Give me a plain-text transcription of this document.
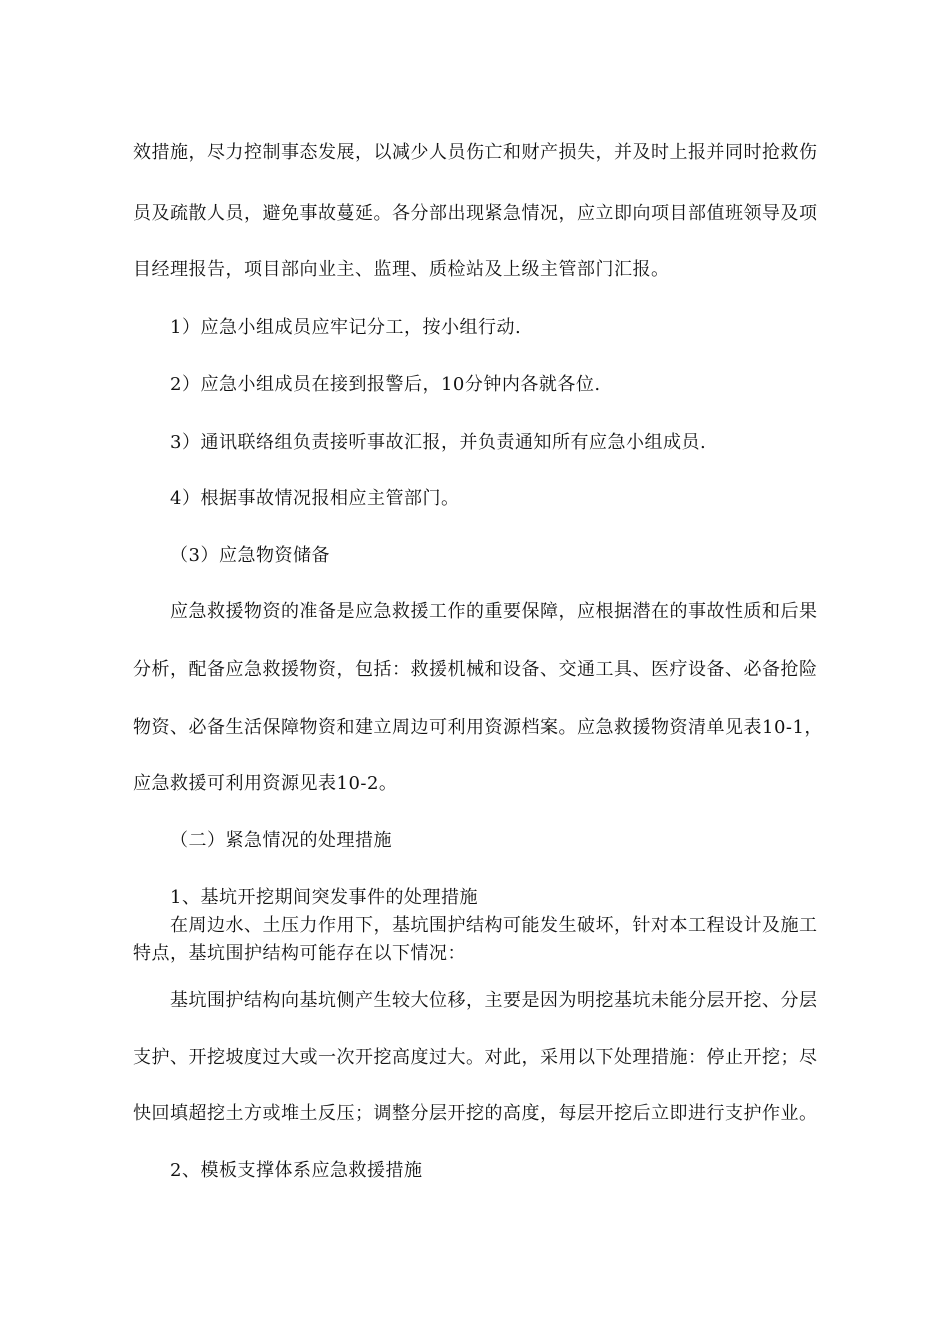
效措施，尽力控制事态发展，以减少人员伤亡和财产损失，并及时上报并同时抢救伤
员及疏散人员，避免事故蔓延。各分部出现紧急情况，应立即向项目部值班领导及项
目经理报告，项目部向业主、监理、质检站及上级主管部门汇报。
1）应急小组成员应牢记分工，按小组行动.
2）应急小组成员在接到报警后，10分钟内各就各位.
3）通讯联络组负责接听事故汇报，并负责通知所有应急小组成员.
4）根据事故情况报相应主管部门。
（3）应急物资储备
应急救援物资的准备是应急救援工作的重要保障，应根据潜在的事故性质和后果
分析，配备应急救援物资，包括：救援机械和设备、交通工具、医疗设备、必备抢险
物资、必备生活保障物资和建立周边可利用资源档案。应急救援物资清单见表10-1，
应急救援可利用资源见表10-2。
（二）紧急情况的处理措施
1、基坑开挖期间突发事件的处理措施
在周边水、土压力作用下，基坑围护结构可能发生破坏，针对本工程设计及施工
特点，基坑围护结构可能存在以下情况：
基坑围护结构向基坑侧产生较大位移，主要是因为明挖基坑未能分层开挖、分层
支护、开挖坡度过大或一次开挖高度过大。对此，采用以下处理措施：停止开挖；尽
快回填超挖土方或堆土反压；调整分层开挖的高度，每层开挖后立即进行支护作业。
2、模板支撑体系应急救援措施
